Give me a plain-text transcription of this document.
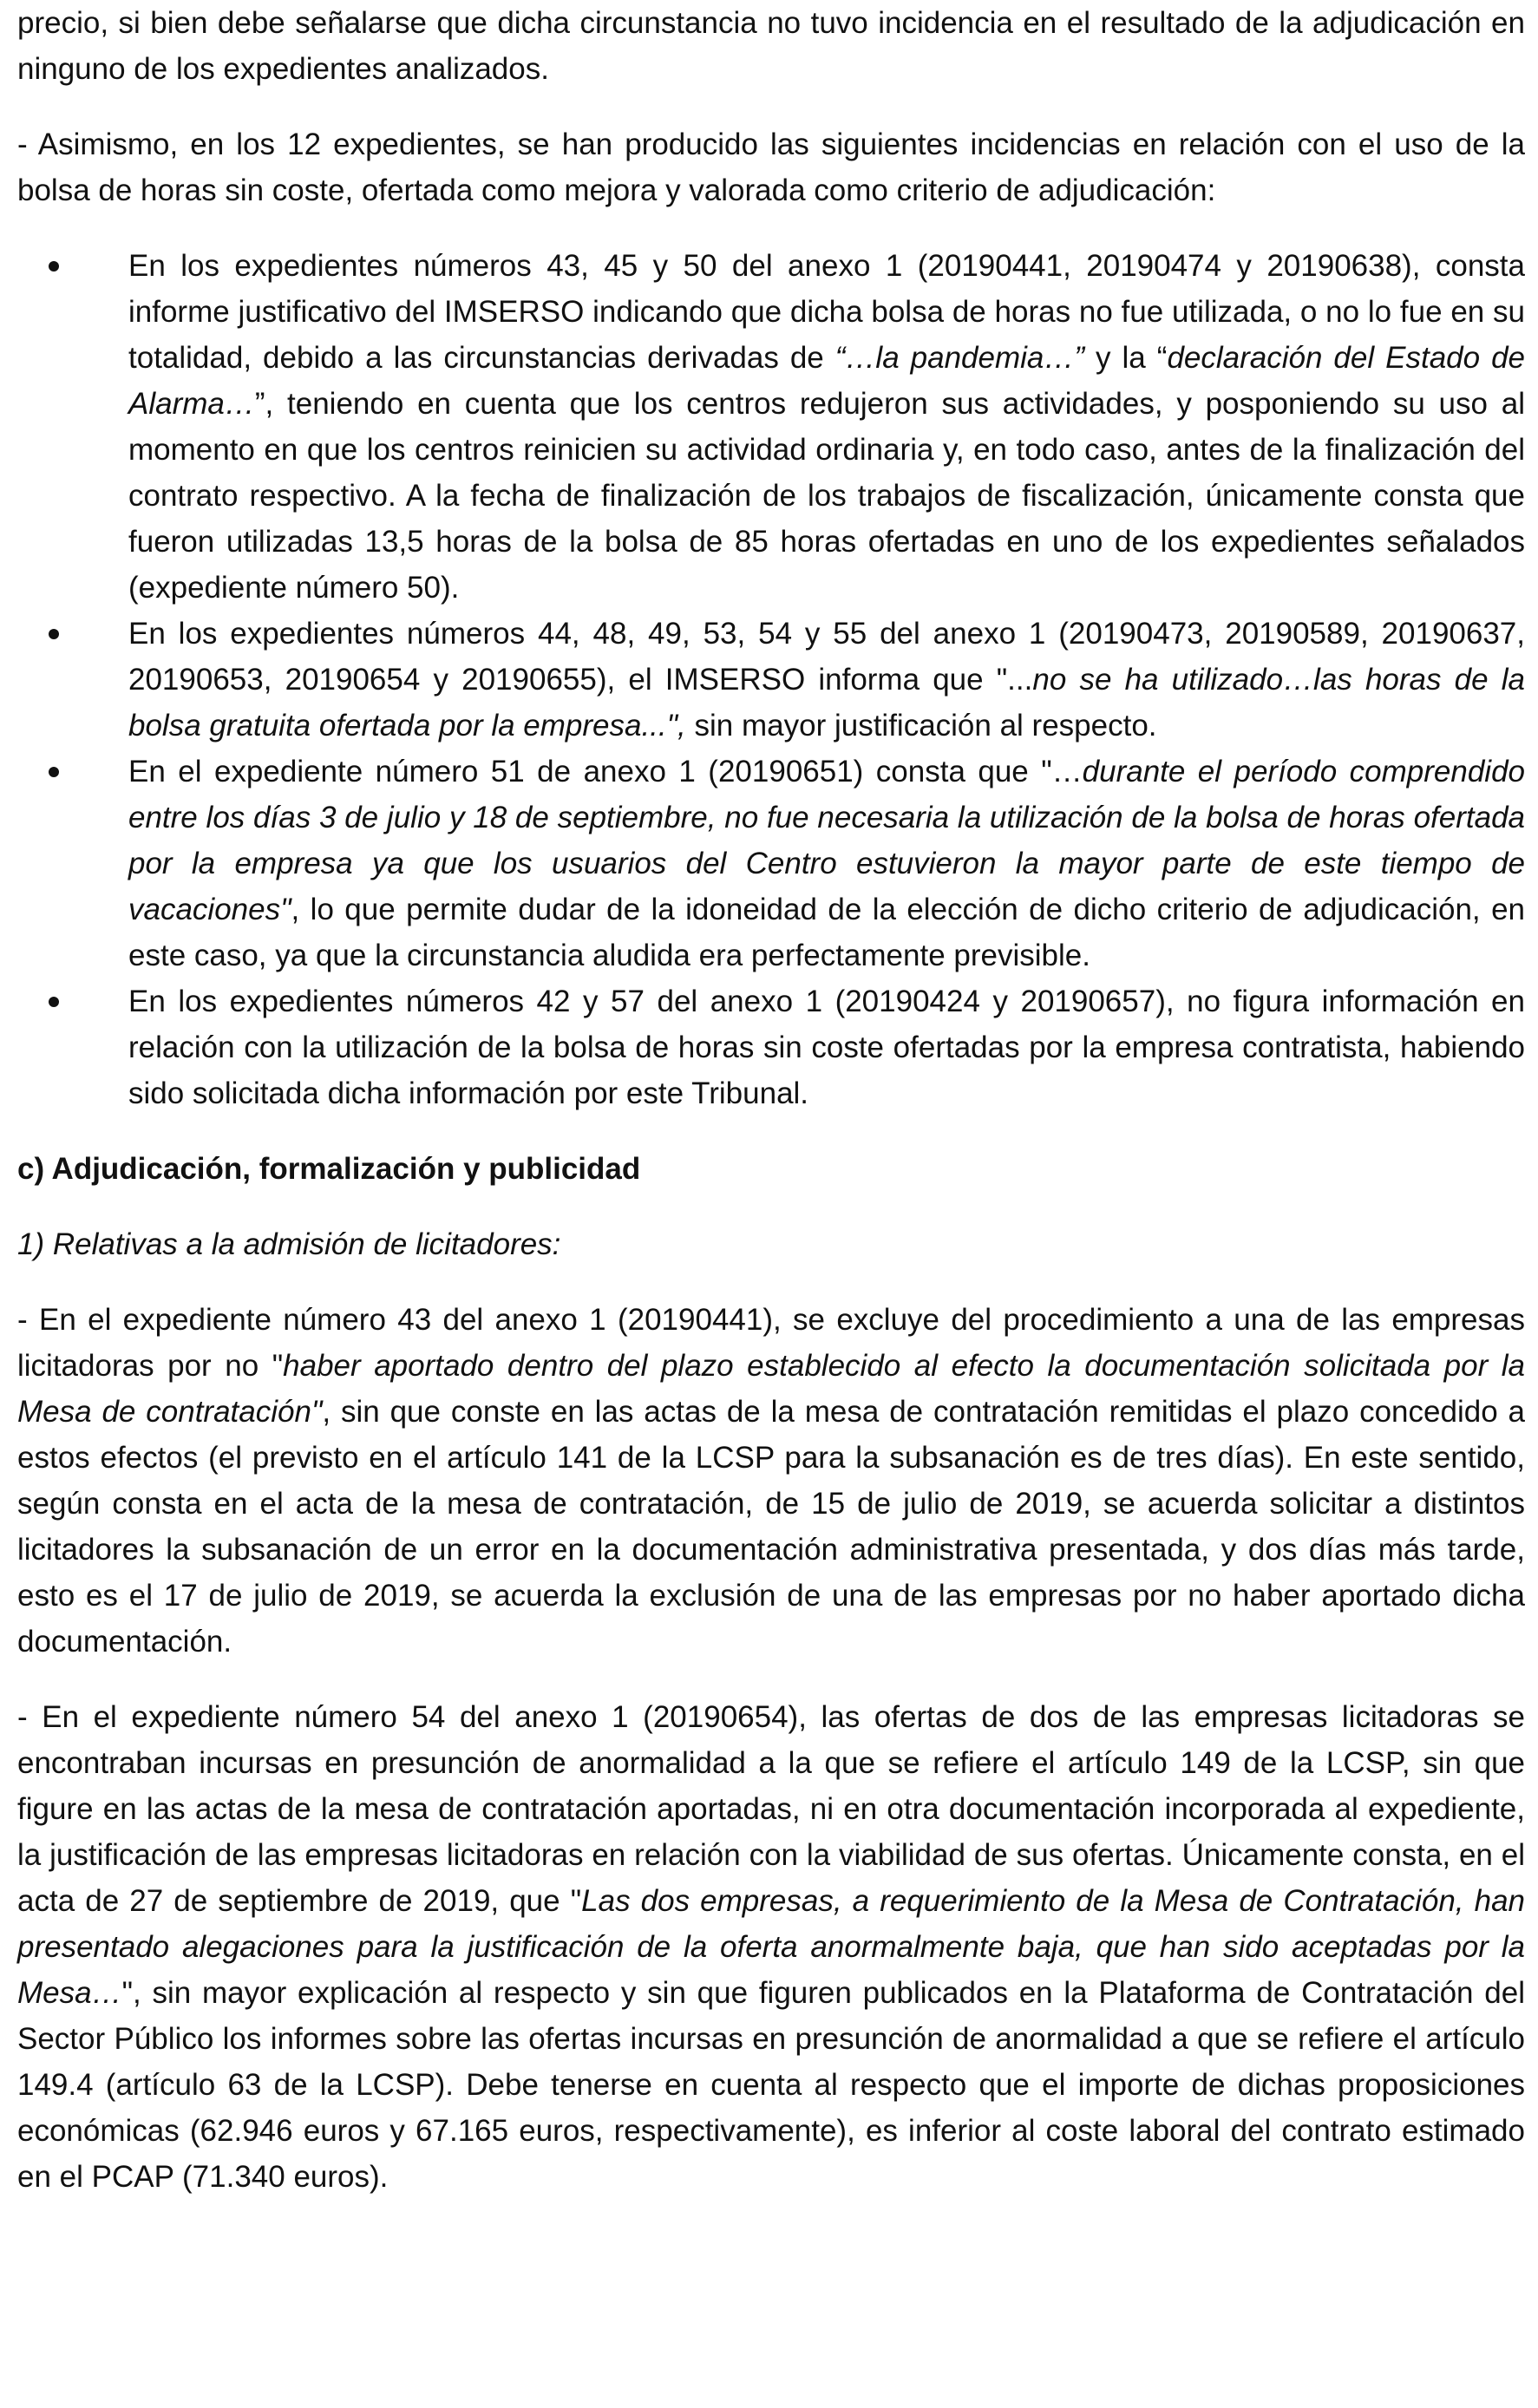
precio, si bien debe señalarse que dicha circunstancia no tuvo incidencia en el resultado de la adjudicación en ninguno de los expedientes analizados.

- Asimismo, en los 12 expedientes, se han producido las siguientes incidencias en relación con el uso de la bolsa de horas sin coste, ofertada como mejora y valorada como criterio de adjudicación:

En los expedientes números 43, 45 y 50 del anexo 1 (20190441, 20190474 y 20190638), consta informe justificativo del IMSERSO indicando que dicha bolsa de horas no fue utilizada, o no lo fue en su totalidad, debido a las circunstancias derivadas de “…la pandemia…” y la “declaración del Estado de Alarma…”, teniendo en cuenta que los centros redujeron sus actividades, y posponiendo su uso al momento en que los centros reinicien su actividad ordinaria y, en todo caso, antes de la finalización del contrato respectivo. A la fecha de finalización de los trabajos de fiscalización, únicamente consta que fueron utilizadas 13,5 horas de la bolsa de 85 horas ofertadas en uno de los expedientes señalados (expediente número 50).
En los expedientes números 44, 48, 49, 53, 54 y 55 del anexo 1 (20190473, 20190589, 20190637, 20190653, 20190654 y 20190655), el IMSERSO informa que "...no se ha utilizado…las horas de la bolsa gratuita ofertada por la empresa...", sin mayor justificación al respecto.
En el expediente número 51 de anexo 1 (20190651) consta que "…durante el período comprendido entre los días 3 de julio y 18 de septiembre, no fue necesaria la utilización de la bolsa de horas ofertada por la empresa ya que los usuarios del Centro estuvieron la mayor parte de este tiempo de vacaciones", lo que permite dudar de la idoneidad de la elección de dicho criterio de adjudicación, en este caso, ya que la circunstancia aludida era perfectamente previsible.
En los expedientes números 42 y 57 del anexo 1 (20190424 y 20190657), no figura información en relación con la utilización de la bolsa de horas sin coste ofertadas por la empresa contratista, habiendo sido solicitada dicha información por este Tribunal.

c) Adjudicación, formalización y publicidad

1) Relativas a la admisión de licitadores:

- En el expediente número 43 del anexo 1 (20190441), se excluye del procedimiento a una de las empresas licitadoras por no "haber aportado dentro del plazo establecido al efecto la documentación solicitada por la Mesa de contratación", sin que conste en las actas de la mesa de contratación remitidas el plazo concedido a estos efectos (el previsto en el artículo 141 de la LCSP para la subsanación es de tres días). En este sentido, según consta en el acta de la mesa de contratación, de 15 de julio de 2019, se acuerda solicitar a distintos licitadores la subsanación de un error en la documentación administrativa presentada, y dos días más tarde, esto es el 17 de julio de 2019, se acuerda la exclusión de una de las empresas por no haber aportado dicha documentación.

- En el expediente número 54 del anexo 1 (20190654), las ofertas de dos de las empresas licitadoras se encontraban incursas en presunción de anormalidad a la que se refiere el artículo 149 de la LCSP, sin que figure en las actas de la mesa de contratación aportadas, ni en otra documentación incorporada al expediente, la justificación de las empresas licitadoras en relación con la viabilidad de sus ofertas. Únicamente consta, en el acta de 27 de septiembre de 2019, que "Las dos empresas, a requerimiento de la Mesa de Contratación, han presentado alegaciones para la justificación de la oferta anormalmente baja, que han sido aceptadas por la Mesa…", sin mayor explicación al respecto y sin que figuren publicados en la Plataforma de Contratación del Sector Público los informes sobre las ofertas incursas en presunción de anormalidad a que se refiere el artículo 149.4 (artículo 63 de la LCSP). Debe tenerse en cuenta al respecto que el importe de dichas proposiciones económicas (62.946 euros y 67.165 euros, respectivamente), es inferior al coste laboral del contrato estimado en el PCAP (71.340 euros).
